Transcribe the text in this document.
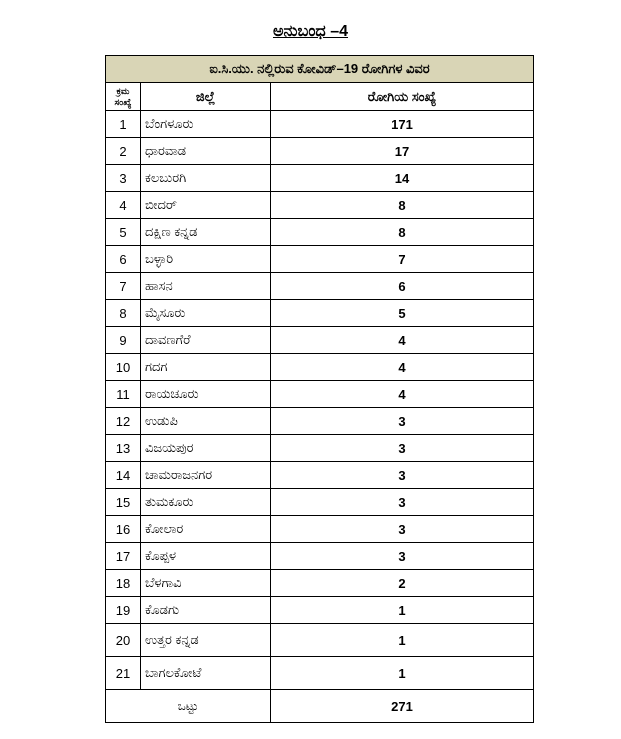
ಅನುಬಂಧ –4
ಐ.ಸಿ.ಯು. ನಲ್ಲಿರುವ ಕೋವಿಡ್–19 ರೋಗಿಗಳ ವಿವರ		
ಕ್ರಮ ಸಂಖ್ಯೆ	ಜಿಲ್ಲೆ	ರೋಗಿಯ ಸಂಖ್ಯೆ
1	ಬೆಂಗಳೂರು	171
2	ಧಾರವಾಡ	17
3	ಕಲಬುರಗಿ	14
4	ಬೀದರ್	8
5	ದಕ್ಷಿಣ ಕನ್ನಡ	8
6	ಬಳ್ಳಾರಿ	7
7	ಹಾಸನ	6
8	ಮೈಸೂರು	5
9	ದಾವಣಗೆರೆ	4
10	ಗದಗ	4
11	ರಾಯಚೂರು	4
12	ಉಡುಪಿ	3
13	ವಿಜಯಪುರ	3
14	ಚಾಮರಾಜನಗರ	3
15	ತುಮಕೂರು	3
16	ಕೋಲಾರ	3
17	ಕೊಪ್ಪಳ	3
18	ಬೆಳಗಾವಿ	2
19	ಕೊಡಗು	1
20	ಉತ್ತರ ಕನ್ನಡ	1
21	ಬಾಗಲಕೋಟೆ	1
ಒಟ್ಟು		271
